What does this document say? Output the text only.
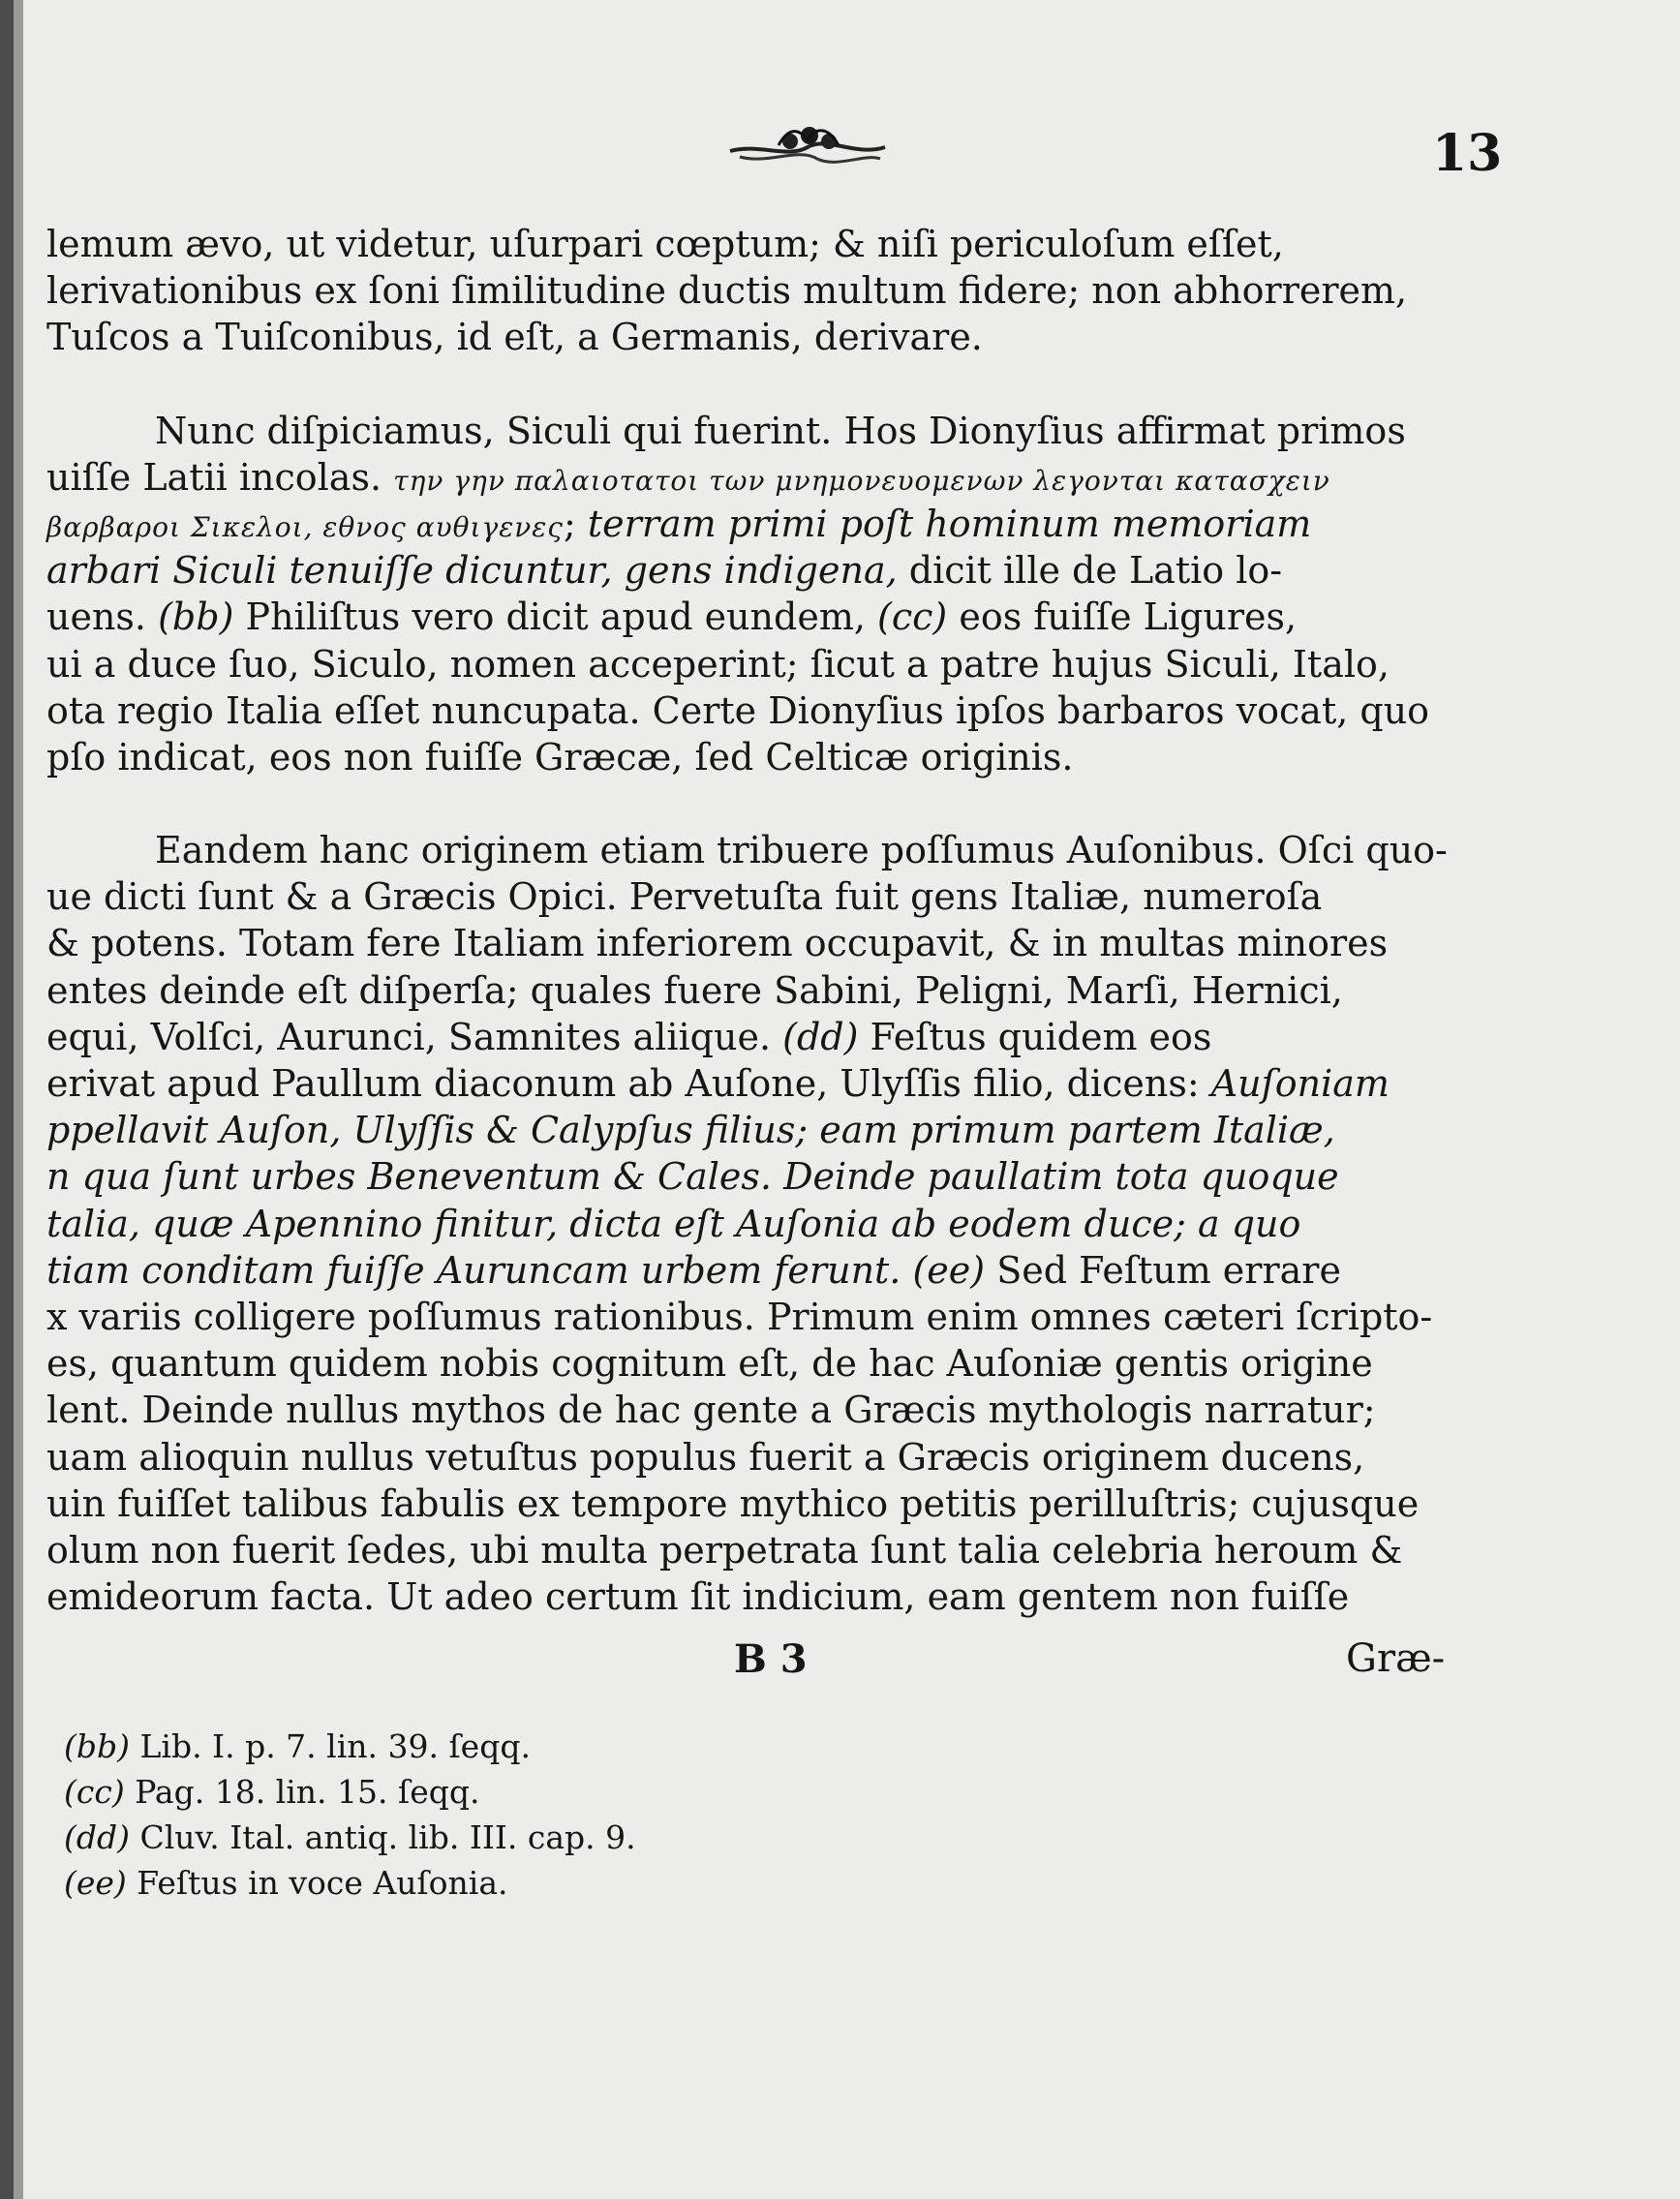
13
lemum ævo, ut videtur, uſurpari cœptum; & niſi periculoſum eſſet,
lerivationibus ex ſoni ſimilitudine ductis multum fidere; non abhorrerem,
Tuſcos a Tuiſconibus, id eſt, a Germanis, derivare.
Nunc diſpiciamus, Siculi qui fuerint. Hos Dionyſius affirmat primos
uiſſe Latii incolas. την γην παλαιοτατοι των μνημονευομενων λεγονται κατασχειν
βαρβαροι Σικελοι, εθνος αυθιγενες; terram primi poſt hominum memoriam
arbari Siculi tenuiſſe dicuntur, gens indigena, dicit ille de Latio lo-
uens. (bb) Philiſtus vero dicit apud eundem, (cc) eos fuiſſe Ligures,
ui a duce ſuo, Siculo, nomen acceperint; ſicut a patre hujus Siculi, Italo,
ota regio Italia eſſet nuncupata. Certe Dionyſius ipſos barbaros vocat, quo
pſo indicat, eos non fuiſſe Græcæ, ſed Celticæ originis.
Eandem hanc originem etiam tribuere poſſumus Auſonibus. Oſci quo-
ue dicti ſunt & a Græcis Opici. Pervetuſta fuit gens Italiæ, numeroſa
& potens. Totam fere Italiam inferiorem occupavit, & in multas minores
entes deinde eſt diſperſa; quales fuere Sabini, Peligni, Marſi, Hernici,
equi, Volſci, Aurunci, Samnites aliique. (dd) Feſtus quidem eos
erivat apud Paullum diaconum ab Auſone, Ulyſſis filio, dicens: Auſoniam
ppellavit Auſon, Ulyſſis & Calypſus filius; eam primum partem Italiæ,
n qua ſunt urbes Beneventum & Cales. Deinde paullatim tota quoque
talia, quæ Apennino finitur, dicta eſt Auſonia ab eodem duce; a quo
tiam conditam fuiſſe Auruncam urbem ferunt. (ee) Sed Feſtum errare
x variis colligere poſſumus rationibus. Primum enim omnes cæteri ſcripto-
es, quantum quidem nobis cognitum eſt, de hac Auſoniæ gentis origine
lent. Deinde nullus mythos de hac gente a Græcis mythologis narratur;
uam alioquin nullus vetuſtus populus fuerit a Græcis originem ducens,
uin fuiſſet talibus fabulis ex tempore mythico petitis perilluſtris; cujusque
olum non fuerit ſedes, ubi multa perpetrata ſunt talia celebria heroum &
emideorum facta. Ut adeo certum ſit indicium, eam gentem non fuiſſe
B 3	Græ-
(bb) Lib. I. p. 7. lin. 39. ſeqq.
(cc) Pag. 18. lin. 15. ſeqq.
(dd) Cluv. Ital. antiq. lib. III. cap. 9.
(ee) Feſtus in voce Auſonia.
